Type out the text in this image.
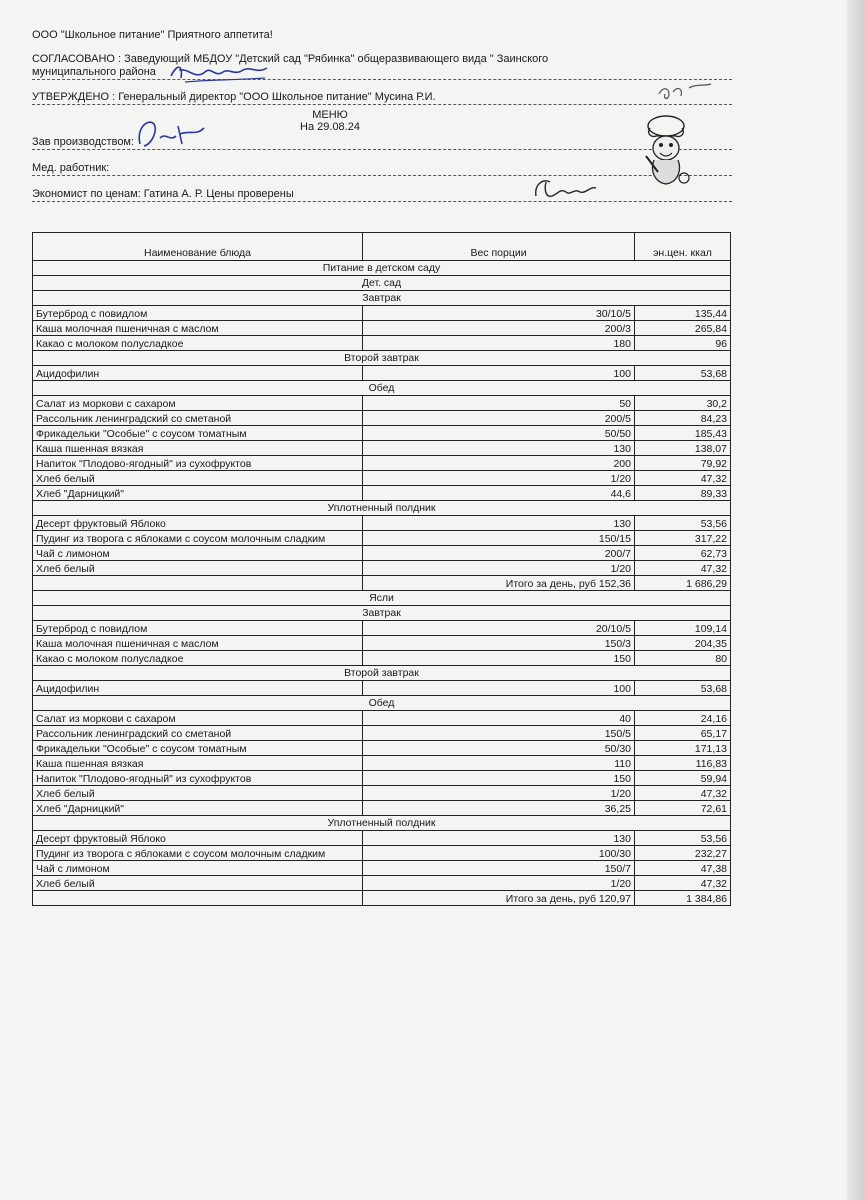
ООО "Школьное питание" Приятного аппетита!
СОГЛАСОВАНО : Заведующий МБДОУ "Детский сад "Рябинка" общеразвивающего вида " Заинского
муниципального района
УТВЕРЖДЕНО : Генеральный директор "ООО Школьное питание" Мусина Р.И.
МЕНЮ
На 29.08.24
Зав производством:
Мед. работник:
Экономист по ценам: Гатина А. Р. Цены проверены
Наименование блюда	Вес порции	эн.цен. ккал
Питание в детском саду		
Дет. сад		
Завтрак		
Бутерброд с повидлом	30/10/5	135,44
Каша молочная пшеничная с маслом	200/3	265,84
Какао с молоком полусладкое	180	96
Второй завтрак		
Ацидофилин	100	53,68
Обед		
Салат из моркови с сахаром	50	30,2
Рассольник ленинградский со сметаной	200/5	84,23
Фрикадельки "Особые" с соусом томатным	50/50	185,43
Каша пшенная вязкая	130	138,07
Напиток "Плодово-ягодный" из сухофруктов	200	79,92
Хлеб белый	1/20	47,32
Хлеб "Дарницкий"	44,6	89,33
Уплотненный полдник		
Десерт фруктовый Яблоко	130	53,56
Пудинг из творога с яблоками с соусом молочным сладким	150/15	317,22
Чай с лимоном	200/7	62,73
Хлеб белый	1/20	47,32
	Итого за день, руб 152,36	1 686,29
Ясли		
Завтрак		
Бутерброд с повидлом	20/10/5	109,14
Каша молочная пшеничная с маслом	150/3	204,35
Какао с молоком полусладкое	150	80
Второй завтрак		
Ацидофилин	100	53,68
Обед		
Салат из моркови с сахаром	40	24,16
Рассольник ленинградский со сметаной	150/5	65,17
Фрикадельки "Особые" с соусом томатным	50/30	171,13
Каша пшенная вязкая	110	116,83
Напиток "Плодово-ягодный" из сухофруктов	150	59,94
Хлеб белый	1/20	47,32
Хлеб "Дарницкий"	36,25	72,61
Уплотненный полдник		
Десерт фруктовый Яблоко	130	53,56
Пудинг из творога с яблоками с соусом молочным сладким	100/30	232,27
Чай с лимоном	150/7	47,38
Хлеб белый	1/20	47,32
	Итого за день, руб 120,97	1 384,86
